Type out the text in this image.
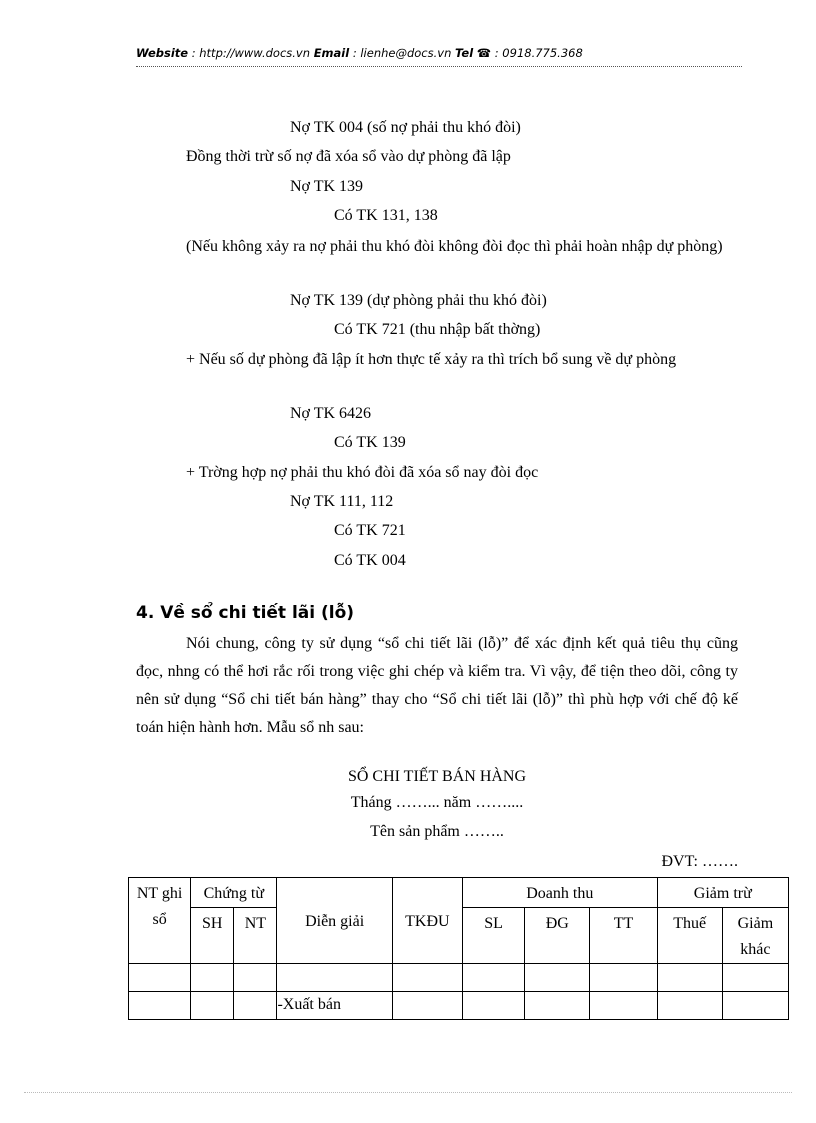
Website : http://www.docs.vn Email : lienhe@docs.vn Tel ☎ : 0918.775.368
Nợ TK 004 (số nợ phải thu khó đòi)
Đồng thời trừ số nợ đã xóa sổ vào dự phòng đã lập
Nợ TK 139
Có TK 131, 138
(Nếu không xảy ra nợ phải thu khó đòi không đòi đọc thì phải hoàn nhập dự phòng)
Nợ TK 139 (dự phòng phải thu khó đòi)
Có TK 721 (thu nhập bất thờng)
+ Nếu số dự phòng đã lập ít hơn thực tế xảy ra thì trích bổ sung về dự phòng
Nợ TK 6426
Có TK 139
+ Trờng hợp nợ phải thu khó đòi đã xóa sổ nay đòi đọc
Nợ TK 111, 112
Có TK 721
Có TK 004
4. Về sổ chi tiết lãi (lỗ)
Nói chung, công ty sử dụng “sổ chi tiết lãi (lỗ)” để xác định kết quả tiêu thụ cũng đọc, nhng có thể hơi rắc rối trong việc ghi chép và kiểm tra. Vì vậy, để tiện theo dõi, công ty nên sử dụng “Sổ chi tiết bán hàng” thay cho “Sổ chi tiết lãi (lỗ)” thì phù hợp với chế độ kế toán hiện hành hơn. Mẫu sổ nh sau:
SỔ CHI TIẾT BÁN HÀNG
Tháng ……... năm ……....
Tên sản phẩm ……..
ĐVT: …….
NT ghi sổ	Chứng từ		Diễn giải	TKĐU	Doanh thu			Giảm trừ	
	SH	NT			SL	ĐG	TT	Thuế	Giảm khác

			-Xuất bán						
